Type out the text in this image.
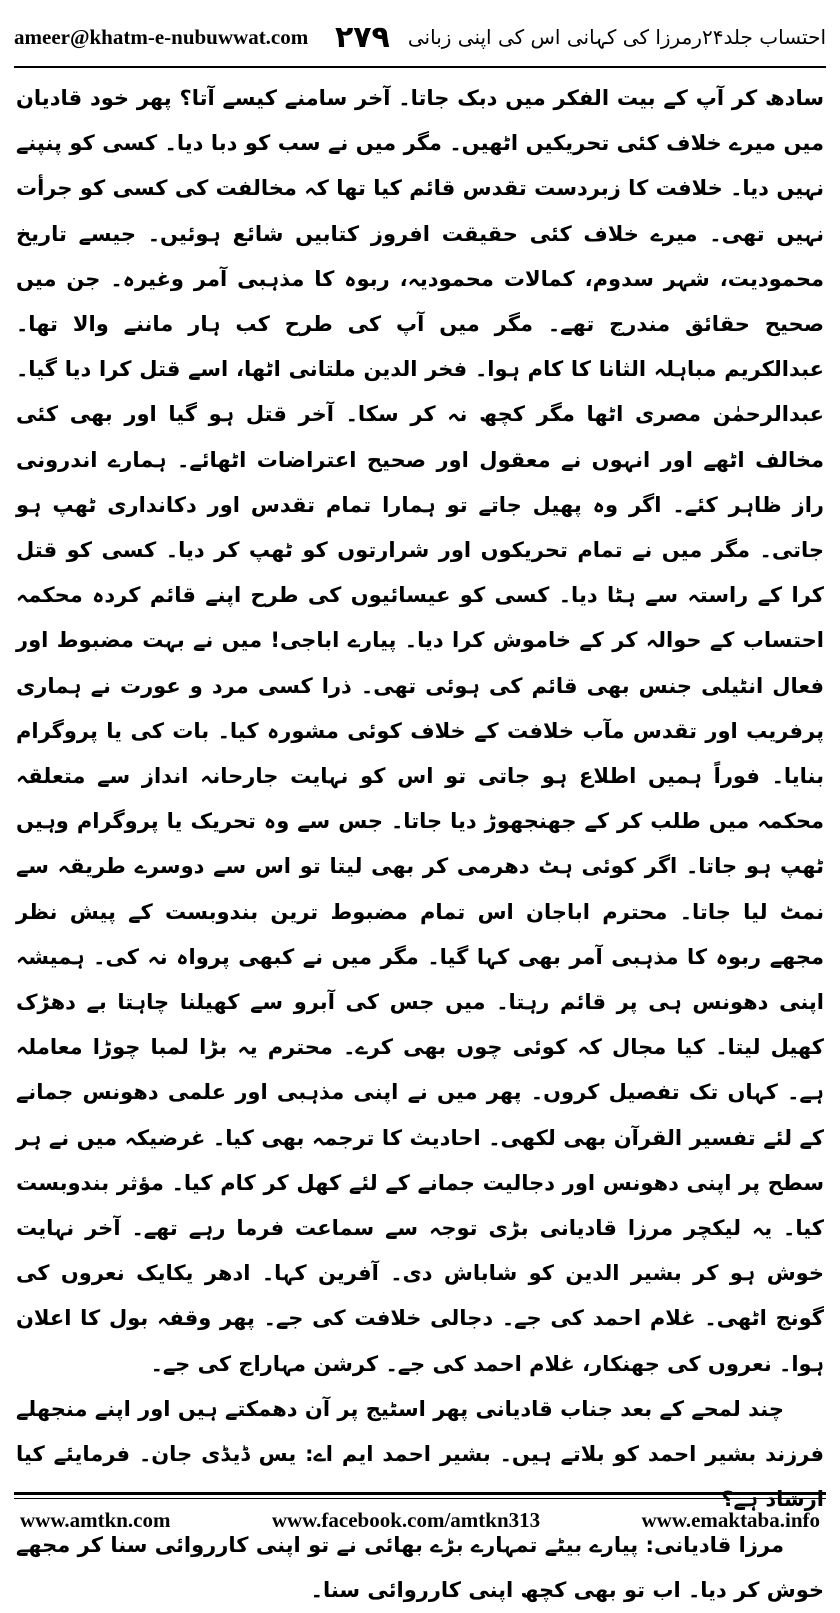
ameer@khatm-e-nubuwwat.com	احتساب جلد۲۴رمرزا کی کہانی اس کی اپنی زبانی
۲۷۹

سادھ کر آپ کے بیت الفکر میں دبک جاتا۔ آخر سامنے کیسے آتا؟ پھر خود قادیان میں میرے خلاف کئی تحریکیں اٹھیں۔ مگر میں نے سب کو دبا دیا۔ کسی کو پنپنے نہیں دیا۔ خلافت کا زبردست تقدس قائم کیا تھا کہ مخالفت کی کسی کو جرأت نہیں تھی۔ میرے خلاف کئی حقیقت افروز کتابیں شائع ہوئیں۔ جیسے تاریخ محمودیت، شہر سدوم، کمالات محمودیہ، ربوہ کا مذہبی آمر وغیرہ۔ جن میں صحیح حقائق مندرج تھے۔ مگر میں آپ کی طرح کب ہار ماننے والا تھا۔ عبدالکریم مباہلہ الثانا کا کام ہوا۔ فخر الدین ملتانی اٹھا، اسے قتل کرا دیا گیا۔ عبدالرحمٰن مصری اٹھا مگر کچھ نہ کر سکا۔ آخر قتل ہو گیا اور بھی کئی مخالف اٹھے اور انہوں نے معقول اور صحیح اعتراضات اٹھائے۔ ہمارے اندرونی راز ظاہر کئے۔ اگر وہ پھیل جاتے تو ہمارا تمام تقدس اور دکانداری ٹھپ ہو جاتی۔ مگر میں نے تمام تحریکوں اور شرارتوں کو ٹھپ کر دیا۔ کسی کو قتل کرا کے راستہ سے ہٹا دیا۔ کسی کو عیسائیوں کی طرح اپنے قائم کردہ محکمہ احتساب کے حوالہ کر کے خاموش کرا دیا۔ پیارے اباجی! میں نے بہت مضبوط اور فعال انٹیلی جنس بھی قائم کی ہوئی تھی۔ ذرا کسی مرد و عورت نے ہماری پرفریب اور تقدس مآب خلافت کے خلاف کوئی مشورہ کیا۔ بات کی یا پروگرام بنایا۔ فوراً ہمیں اطلاع ہو جاتی تو اس کو نہایت جارحانہ انداز سے متعلقہ محکمہ میں طلب کر کے جھنجھوڑ دیا جاتا۔ جس سے وہ تحریک یا پروگرام وہیں ٹھپ ہو جاتا۔ اگر کوئی ہٹ دھرمی کر بھی لیتا تو اس سے دوسرے طریقہ سے نمٹ لیا جاتا۔ محترم اباجان اس تمام مضبوط ترین بندوبست کے پیش نظر مجھے ربوہ کا مذہبی آمر بھی کہا گیا۔ مگر میں نے کبھی پرواہ نہ کی۔ ہمیشہ اپنی دھونس ہی پر قائم رہتا۔ میں جس کی آبرو سے کھیلنا چاہتا بے دھڑک کھیل لیتا۔ کیا مجال کہ کوئی چوں بھی کرے۔ محترم یہ بڑا لمبا چوڑا معاملہ ہے۔ کہاں تک تفصیل کروں۔ پھر میں نے اپنی مذہبی اور علمی دھونس جمانے کے لئے تفسیر القرآن بھی لکھی۔ احادیث کا ترجمہ بھی کیا۔ غرضیکہ میں نے ہر سطح پر اپنی دھونس اور دجالیت جمانے کے لئے کھل کر کام کیا۔ مؤثر بندوبست کیا۔ یہ لیکچر مرزا قادیانی بڑی توجہ سے سماعت فرما رہے تھے۔ آخر نہایت خوش ہو کر بشیر الدین کو شاباش دی۔ آفرین کہا۔ ادھر یکایک نعروں کی گونج اٹھی۔ غلام احمد کی جے۔ دجالی خلافت کی جے۔ پھر وقفہ بول کا اعلان ہوا۔ نعروں کی جھنکار، غلام احمد کی جے۔ کرشن مہاراج کی جے۔

چند لمحے کے بعد جناب قادیانی پھر اسٹیج پر آن دھمکتے ہیں اور اپنے منجھلے فرزند بشیر احمد کو بلاتے ہیں۔ بشیر احمد ایم اے: یس ڈیڈی جان۔ فرمایئے کیا ارشاد ہے؟

مرزا قادیانی: پیارے بیٹے تمہارے بڑے بھائی نے تو اپنی کارروائی سنا کر مجھے خوش کر دیا۔ اب تو بھی کچھ اپنی کارروائی سنا۔

www.amtkn.com	www.facebook.com/amtkn313	www.emaktaba.info
